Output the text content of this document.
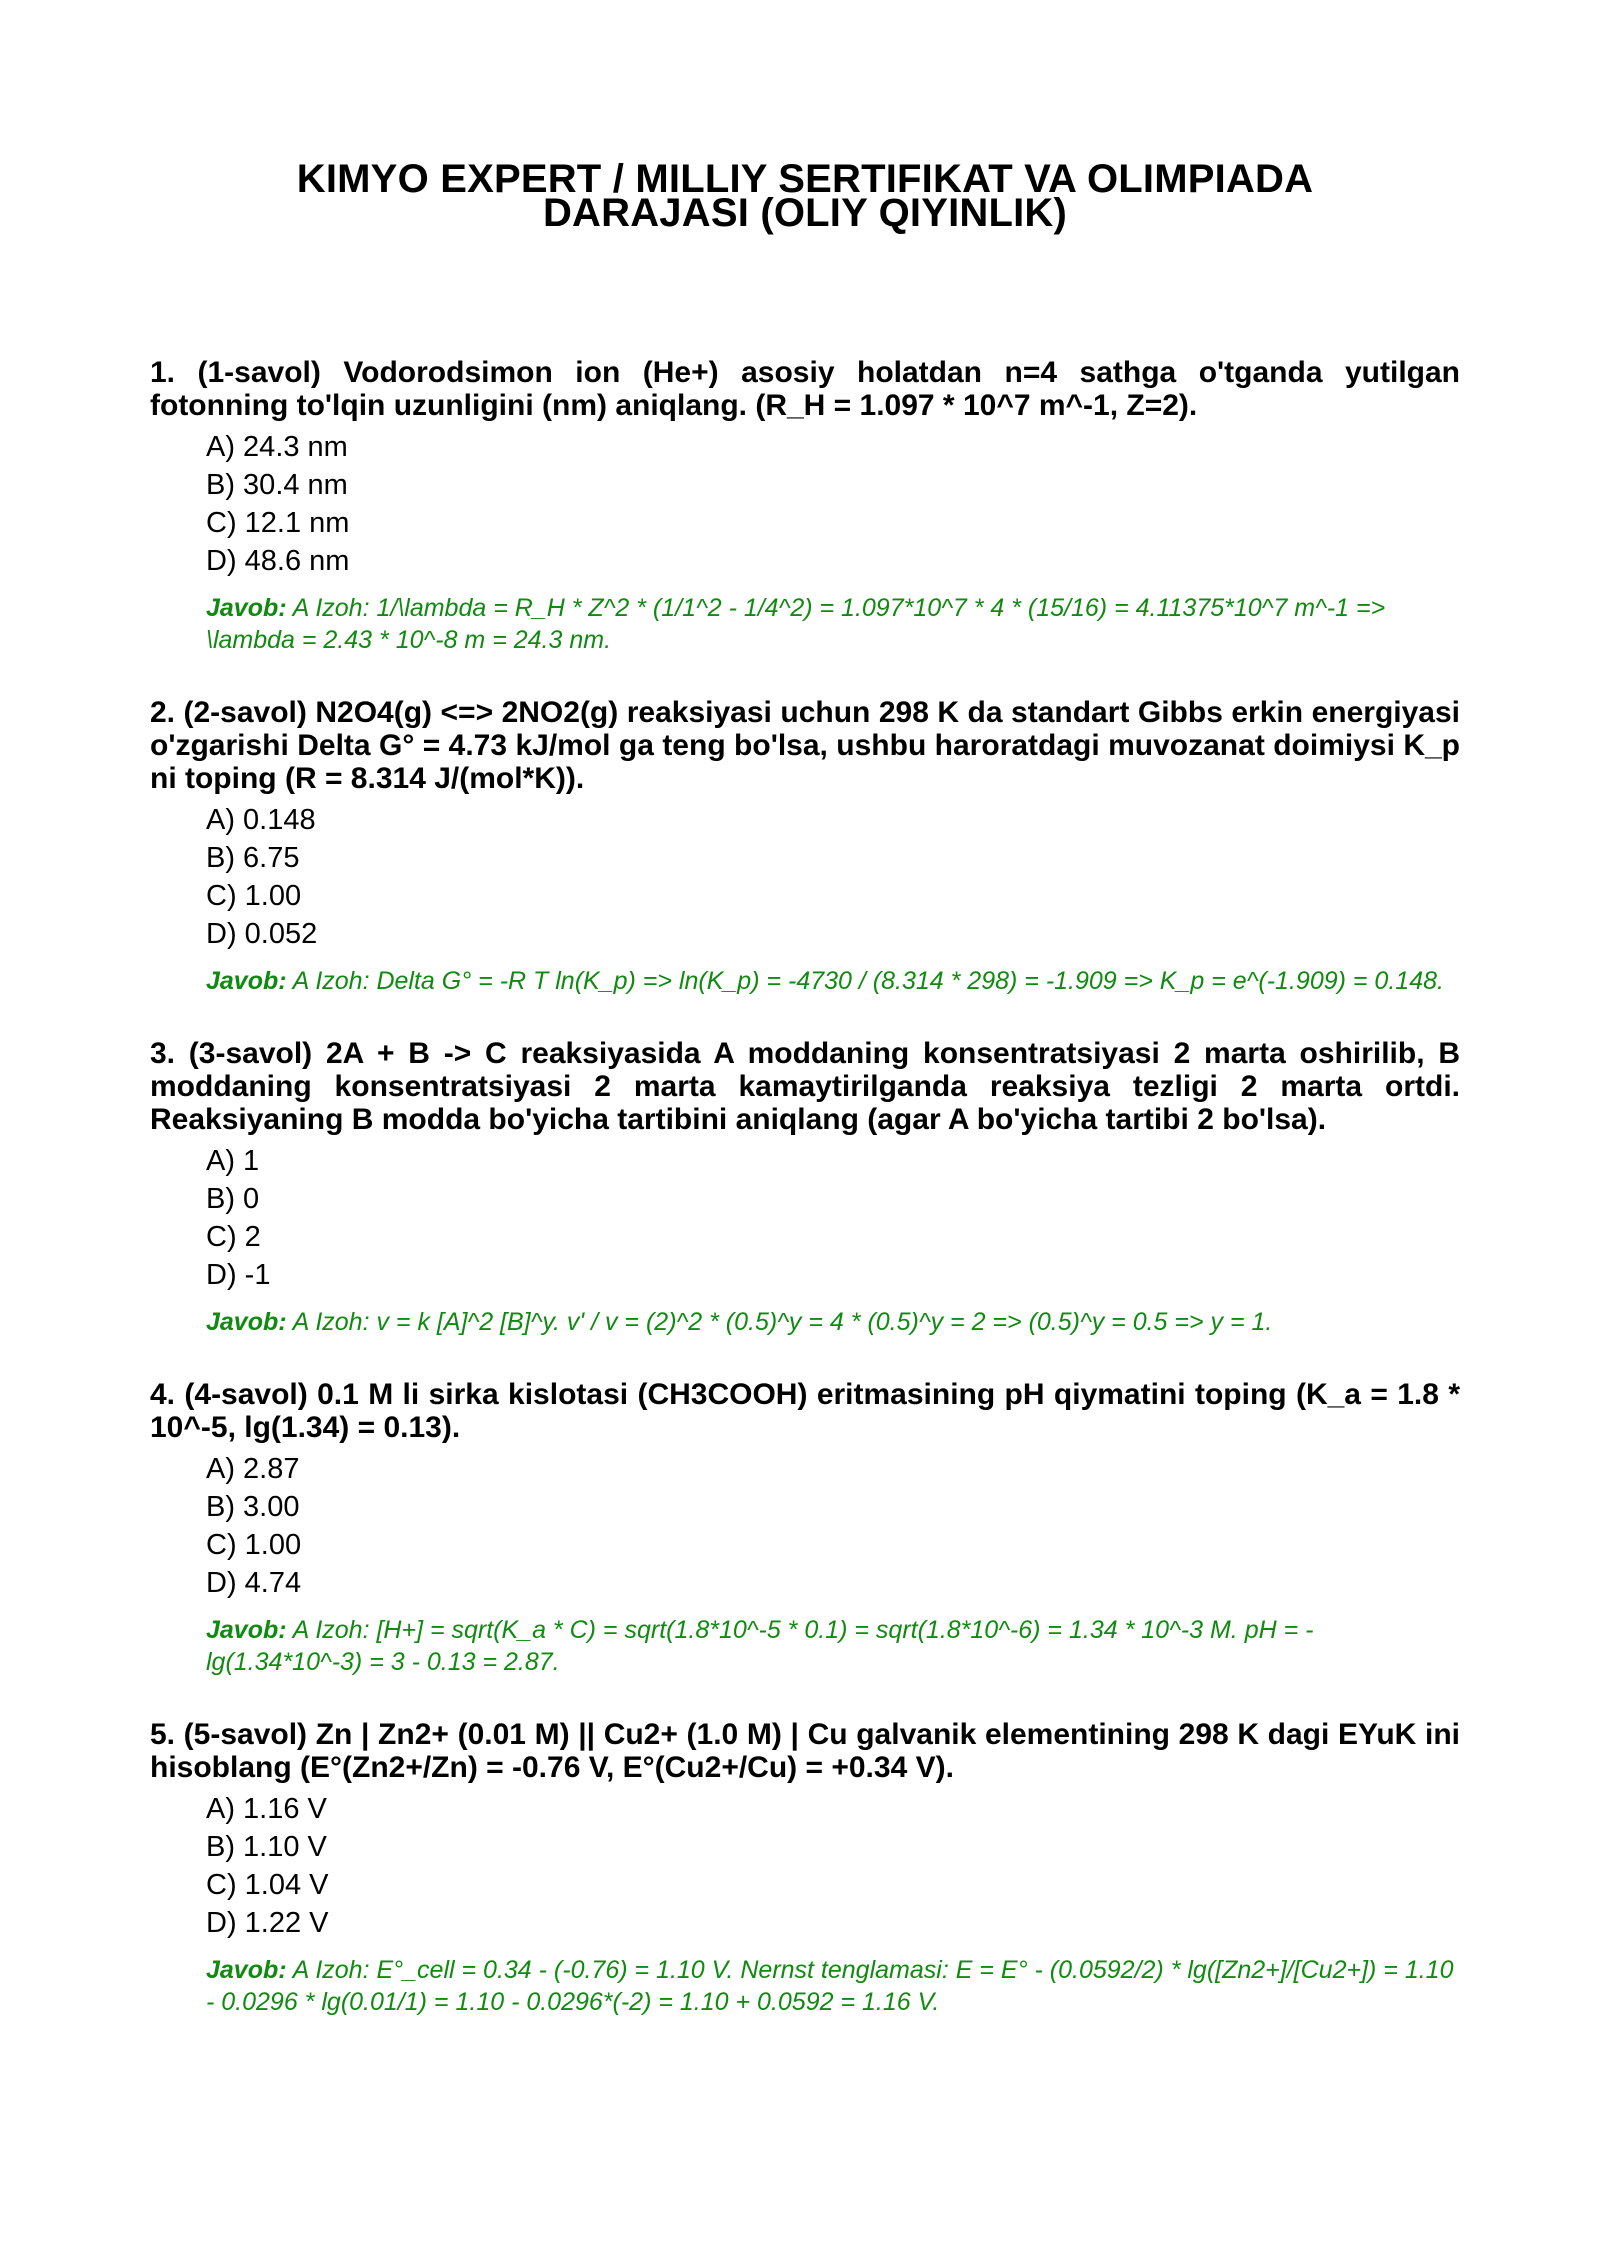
KIMYO EXPERT / MILLIY SERTIFIKAT VA OLIMPIADA DARAJASI (OLIY QIYINLIK)

1. (1-savol) Vodorodsimon ion (He+) asosiy holatdan n=4 sathga o'tganda yutilgan fotonning to'lqin uzunligini (nm) aniqlang. (R_H = 1.097 * 10^7 m^-1, Z=2).

A) 24.3 nm
B) 30.4 nm
C) 12.1 nm
D) 48.6 nm
Javob: A Izoh: 1/\lambda = R_H * Z^2 * (1/1^2 - 1/4^2) = 1.097*10^7 * 4 * (15/16) = 4.11375*10^7 m^-1 => \lambda = 2.43 * 10^-8 m = 24.3 nm.

2. (2-savol) N2O4(g) <=> 2NO2(g) reaksiyasi uchun 298 K da standart Gibbs erkin energiyasi o'zgarishi Delta G° = 4.73 kJ/mol ga teng bo'lsa, ushbu haroratdagi muvozanat doimiysi K_p ni toping (R = 8.314 J/(mol*K)).

A) 0.148
B) 6.75
C) 1.00
D) 0.052
Javob: A Izoh: Delta G° = -R T ln(K_p) => ln(K_p) = -4730 / (8.314 * 298) = -1.909 => K_p = e^(-1.909) = 0.148.

3. (3-savol) 2A + B -> C reaksiyasida A moddaning konsentratsiyasi 2 marta oshirilib, B moddaning konsentratsiyasi 2 marta kamaytirilganda reaksiya tezligi 2 marta ortdi. Reaksiyaning B modda bo'yicha tartibini aniqlang (agar A bo'yicha tartibi 2 bo'lsa).

A) 1
B) 0
C) 2
D) -1
Javob: A Izoh: v = k [A]^2 [B]^y. v' / v = (2)^2 * (0.5)^y = 4 * (0.5)^y = 2 => (0.5)^y = 0.5 => y = 1.

4. (4-savol) 0.1 M li sirka kislotasi (CH3COOH) eritmasining pH qiymatini toping (K_a = 1.8 * 10^-5, lg(1.34) = 0.13).

A) 2.87
B) 3.00
C) 1.00
D) 4.74
Javob: A Izoh: [H+] = sqrt(K_a * C) = sqrt(1.8*10^-5 * 0.1) = sqrt(1.8*10^-6) = 1.34 * 10^-3 M. pH = -lg(1.34*10^-3) = 3 - 0.13 = 2.87.

5. (5-savol) Zn | Zn2+ (0.01 M) || Cu2+ (1.0 M) | Cu galvanik elementining 298 K dagi EYuK ini hisoblang (E°(Zn2+/Zn) = -0.76 V, E°(Cu2+/Cu) = +0.34 V).

A) 1.16 V
B) 1.10 V
C) 1.04 V
D) 1.22 V
Javob: A Izoh: E°_cell = 0.34 - (-0.76) = 1.10 V. Nernst tenglamasi: E = E° - (0.0592/2) * lg([Zn2+]/[Cu2+]) = 1.10 - 0.0296 * lg(0.01/1) = 1.10 - 0.0296*(-2) = 1.10 + 0.0592 = 1.16 V.
